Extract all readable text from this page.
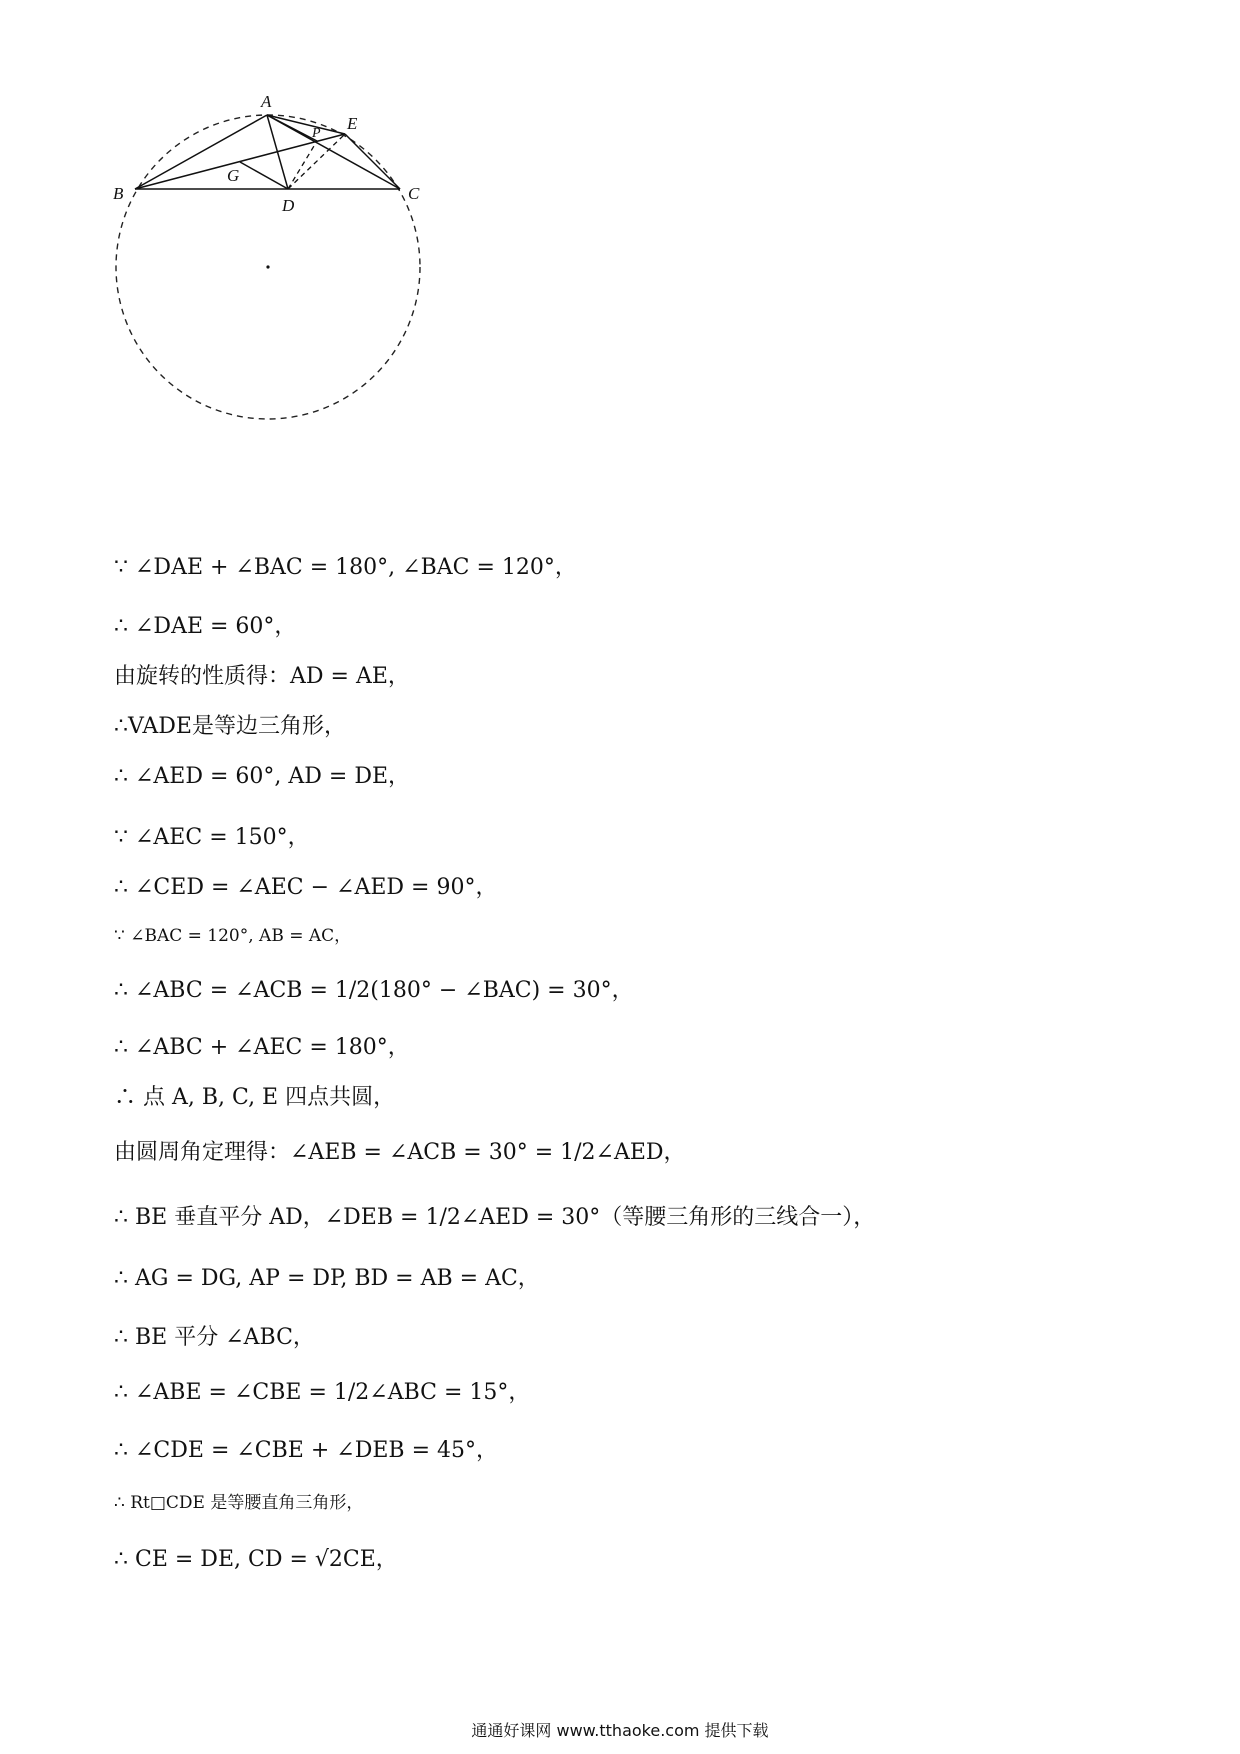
A
B	C
D
E
P
G
∵ ∠DAE + ∠BAC = 180°, ∠BAC = 120°，
∴ ∠DAE = 60°，
由旋转的性质得：AD = AE，
∴VADE是等边三角形，
∴ ∠AED = 60°, AD = DE，
∵ ∠AEC = 150°，
∴ ∠CED = ∠AEC − ∠AED = 90°，
∵ ∠BAC = 120°, AB = AC，
∴ ∠ABC = ∠ACB = 1/2(180° − ∠BAC) = 30°，
∴ ∠ABC + ∠AEC = 180°，
∴ 点 A, B, C, E 四点共圆，
由圆周角定理得：∠AEB = ∠ACB = 30° = 1/2∠AED，
∴ BE 垂直平分 AD，∠DEB = 1/2∠AED = 30°（等腰三角形的三线合一），
∴ AG = DG, AP = DP, BD = AB = AC，
∴ BE 平分 ∠ABC，
∴ ∠ABE = ∠CBE = 1/2∠ABC = 15°，
∴ ∠CDE = ∠CBE + ∠DEB = 45°，
∴ Rt□CDE 是等腰直角三角形，
∴ CE = DE, CD = √2CE，
通通好课网 www.tthaoke.com 提供下载
